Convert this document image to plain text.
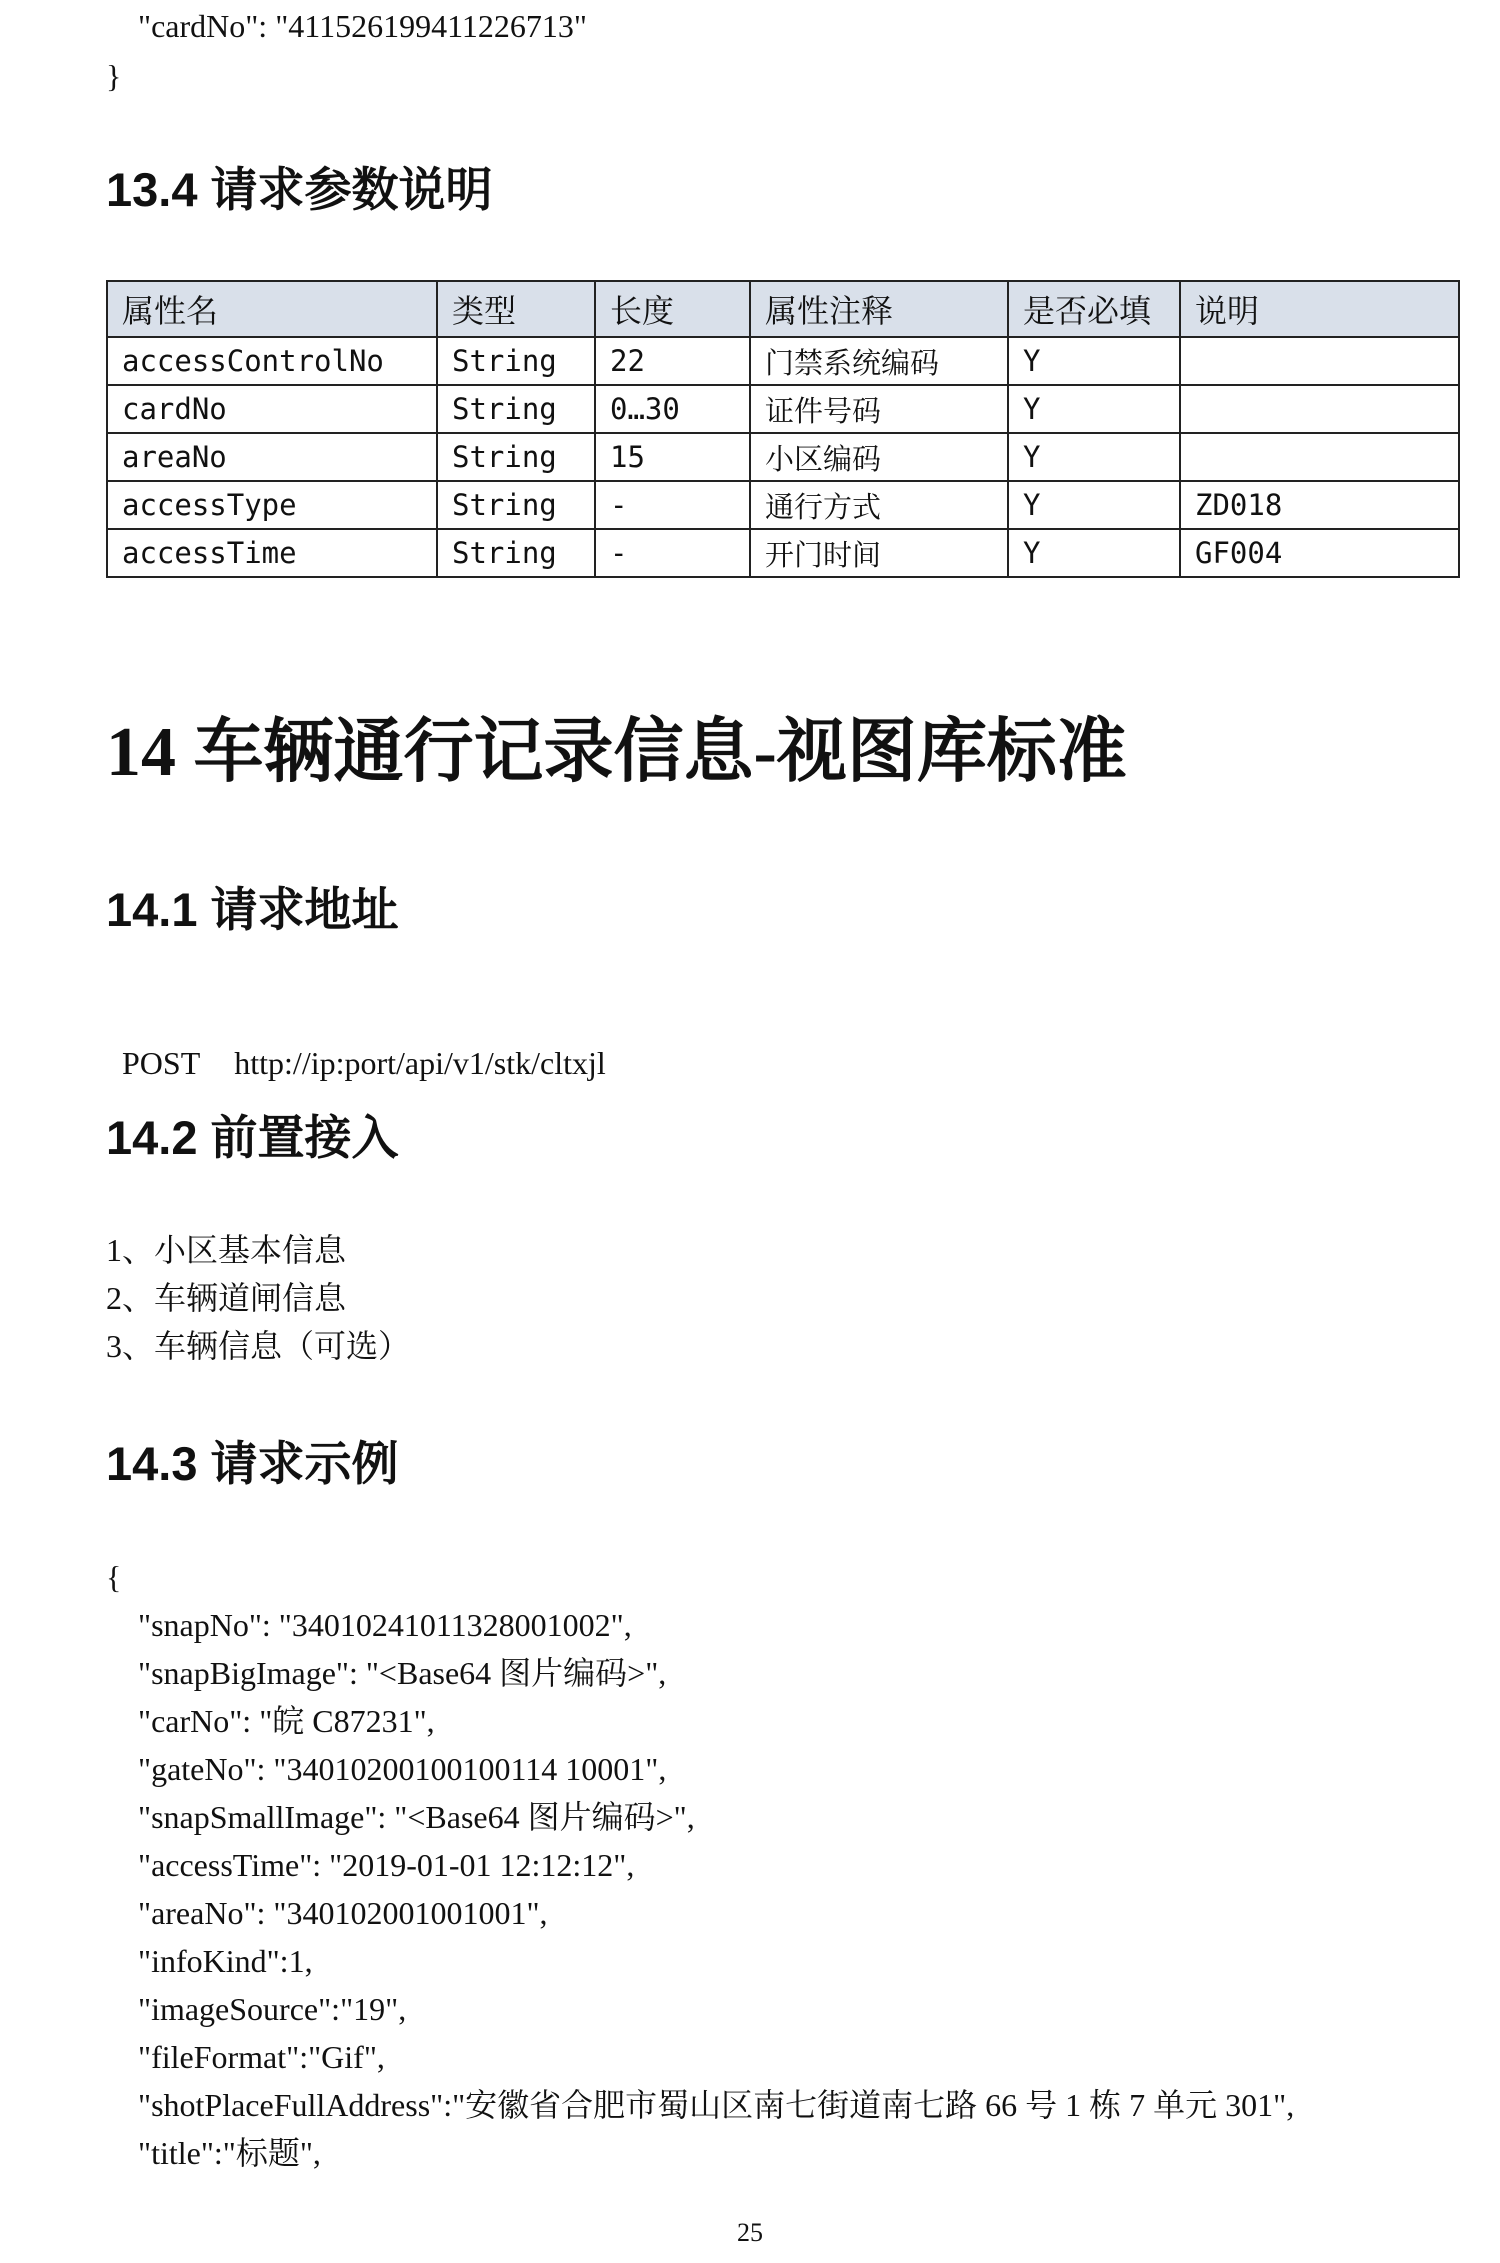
"cardNo": "411526199411226713"
}
13.4 请求参数说明
属性名	类型	长度	属性注释	是否必填	说明
accessControlNo	String	22	门禁系统编码	Y	
cardNo	String	0…30	证件号码	Y	
areaNo	String	15	小区编码	Y	
accessType	String	-	通行方式	Y	ZD018
accessTime	String	-	开门时间	Y	GF004
14 车辆通行记录信息-视图库标准
14.1 请求地址

POST http://ip:port/api/v1/stk/cltxjl

14.2 前置接入
1、小区基本信息
2、车辆道闸信息
3、车辆信息（可选）
14.3 请求示例
{
"snapNo": "34010241011328001002",
"snapBigImage": "<Base64 图片编码>",
"carNo": "皖 C87231",
"gateNo": "34010200100100114 10001",
"snapSmallImage": "<Base64 图片编码>",
"accessTime": "2019-01-01 12:12:12",
"areaNo": "340102001001001",
"infoKind":1,
"imageSource":"19",
"fileFormat":"Gif",
"shotPlaceFullAddress":"安徽省合肥市蜀山区南七街道南七路 66 号 1 栋 7 单元 301",
"title":"标题",
25
